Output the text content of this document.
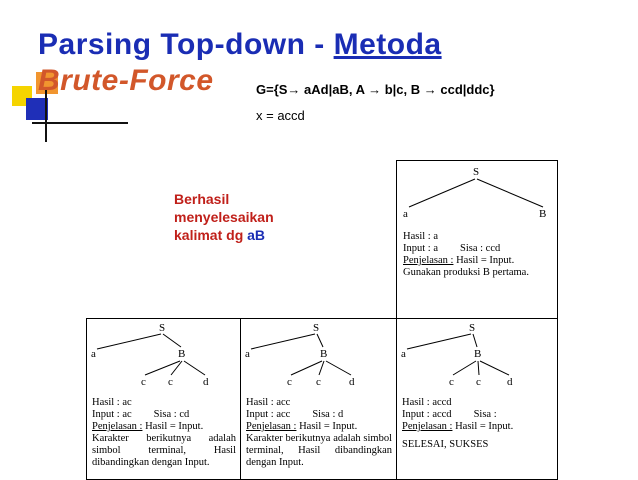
Parsing Top-down - Metoda
Brute-Force	G={S→ aAd|aB, A → b|c, B → ccd|ddc}
x = accd
Berhasil
menyelesaikan
kalimat dg aB
S
a	B
Hasil : a
Input : a Sisa : ccd
Penjelasan : Hasil = Input.
Gunakan produksi B pertama.
S
a	B
c c	d
Hasil : ac
Input : ac Sisa : cd
Penjelasan : Hasil = Input.
Karakter berikutnya adalah simbol terminal, Hasil dibandingkan dengan Input.
S
a	B
c c	d
Hasil : acc
Input : acc Sisa : d
Penjelasan : Hasil = Input.
Karakter berikutnya adalah simbol terminal, Hasil dibandingkan dengan Input.
S
a	B
c c d
Hasil : accd
Input : accd Sisa :
Penjelasan : Hasil = Input.
SELESAI, SUKSES
